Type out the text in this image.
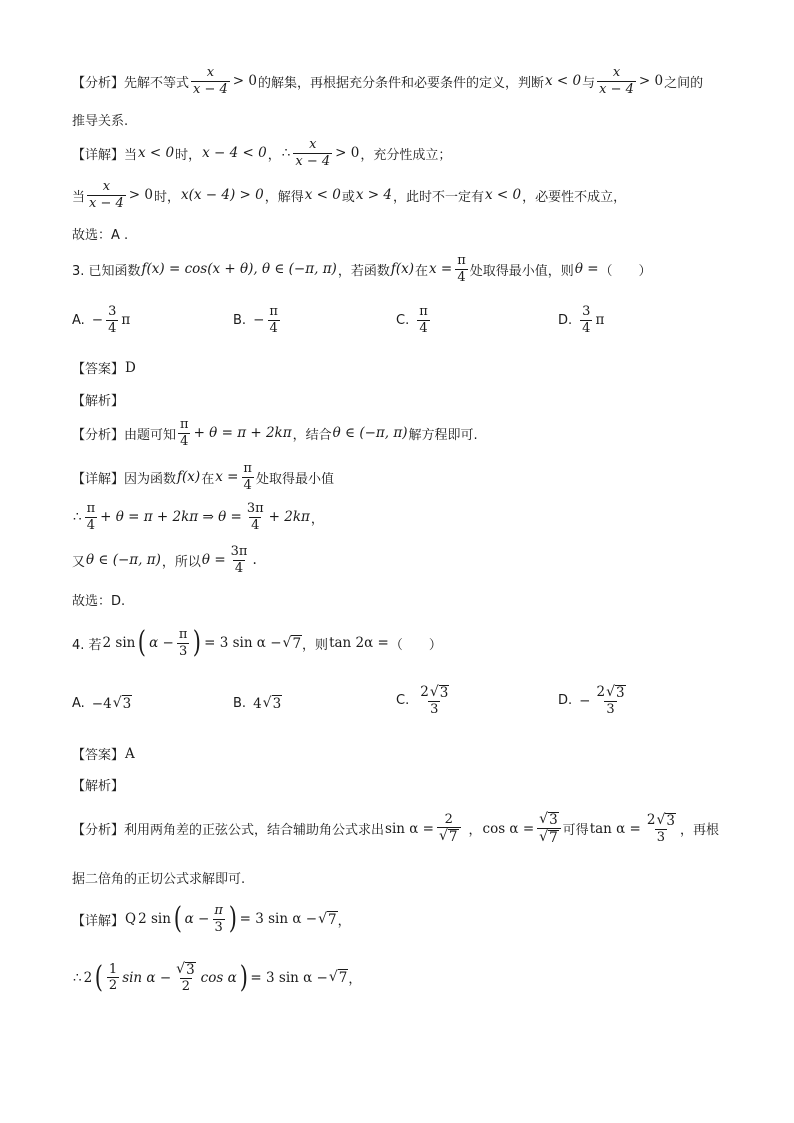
【分析】 先解不等式 $\frac{x}{x - 4} > 0$ 的解集，再根据充分条件和必要条件的定义，判断 x < 0 与 $\frac{x}{x - 4} > 0$ 之间的
推导关系.
【详解】 当 x < 0 时， x − 4 < 0 ， ∴ $\frac{x}{x - 4} > 0$ ，充分性成立；
当 $\frac{x}{x - 4} > 0$ 时， x(x − 4) > 0 ，解得 x < 0 或 x > 4 ，此时不一定有 x < 0 ，必要性不成立，
故选：A .
3. 已知函数 f(x) = cos(x + θ), θ ∈ (−π, π) ，若函数 f(x) 在 $x = \frac{\pi}{4}$ 处取得最小值，则 θ = （　　）
A. − $\frac{3}{4}$ π	B. − $\frac{\pi}{4}$	C. $\frac{\pi}{4}$	D. $\frac{3}{4}$ π
【答案】 D
【解析】
【分析】 由题可知 $\frac{\pi}{4} + \theta = \pi + 2k\pi$ ，结合 θ ∈ (−π, π) 解方程即可.
【详解】 因为函数 f(x) 在 $x = \frac{\pi}{4}$ 处取得最小值
∴ $\frac{\pi}{4} + \theta = \pi + 2k\pi$ ⇒ $\theta = \frac{3\pi}{4} + 2k\pi$ ，
又 θ ∈ (−π, π) ，所以 $\theta = \frac{3\pi}{4}$ .
故选：D.
4. 若 2 sin ( $\alpha - \frac{\pi}{3}$ ) = 3 sin α − √ 7 ，则 tan 2α = （　　）
A. −4 √ 3	B. 4 √ 3	C. $\frac{2 √ 3}{3}$	D. − $\frac{2 √ 3}{3}$
【答案】 A
【解析】
【分析】 利用两角差的正弦公式，结合辅助角公式求出 $\sin \alpha = \frac{2}{√ 7}$ ， $\cos \alpha = \frac{√ 3}{√ 7}$ 可得 $\tan \alpha = \frac{2 √ 3}{3}$ ，再根
据二倍角的正切公式求解即可.
【详解】 Q 2 sin ( $\alpha - \frac{\pi}{3}$ ) = 3 sin α − √ 7 ，
∴ 2 ( $\frac{1}{2}$ $\sin \alpha - \frac{√ 3}{2}$ cos α ) = 3 sin α − √ 7 ，
